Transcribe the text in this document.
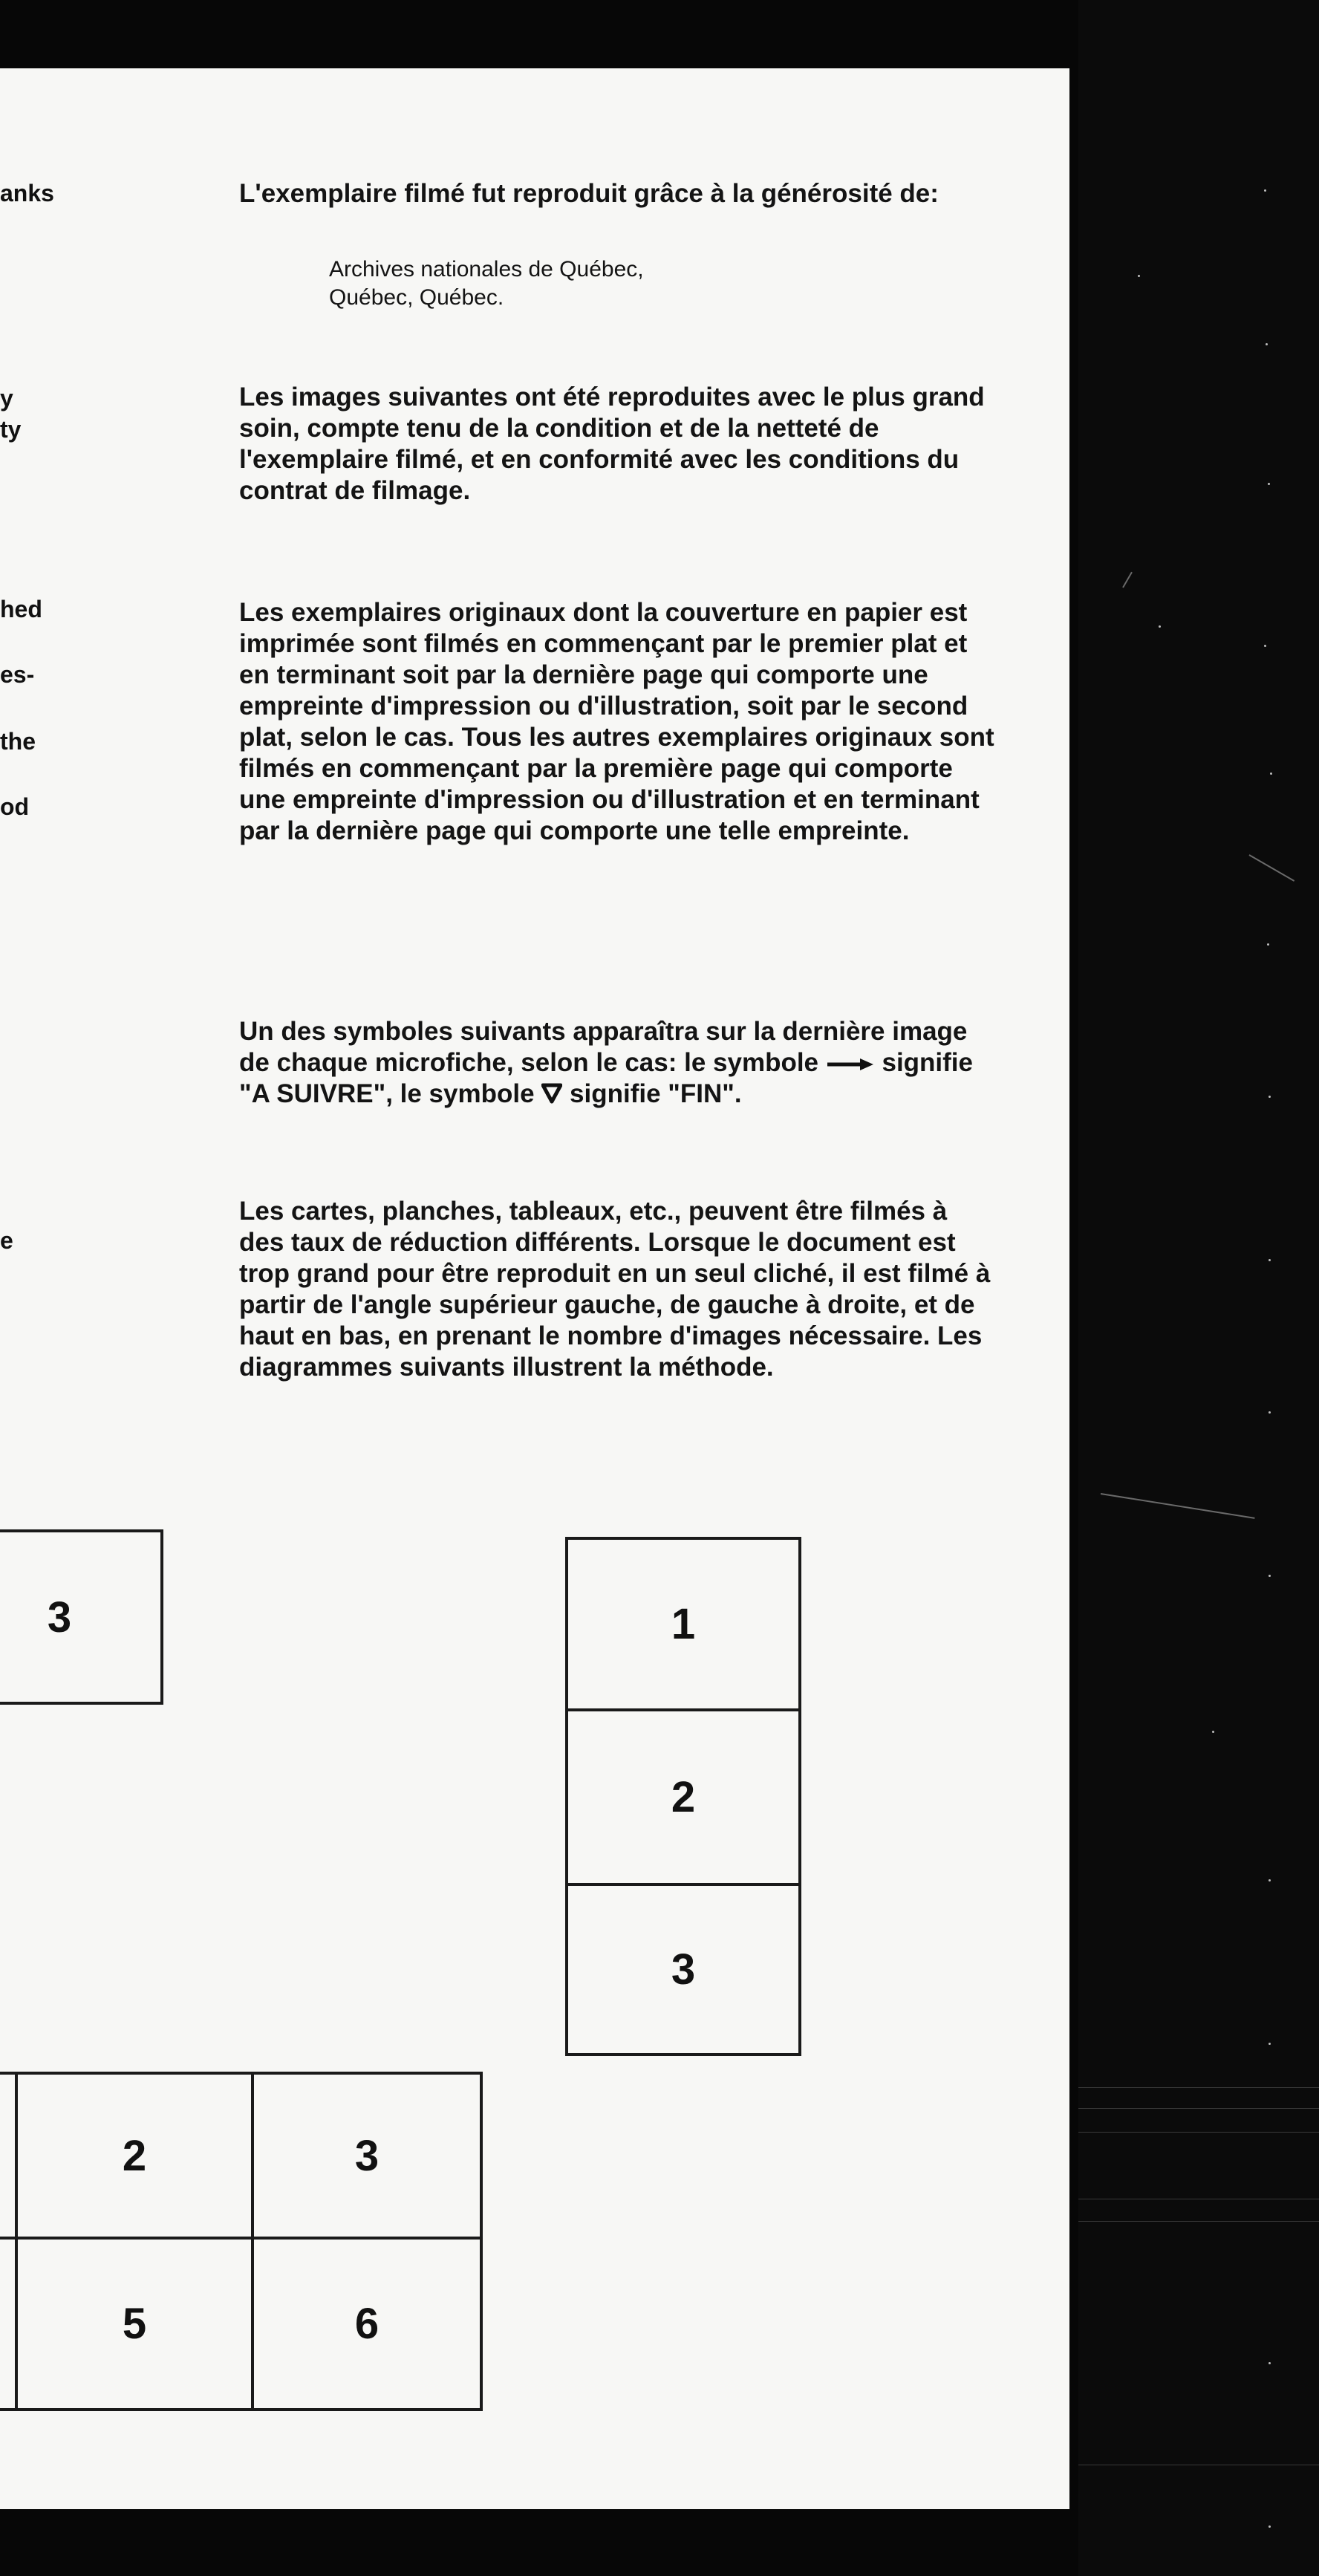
anks
y
ty
hed
es-
the
od
e

L'exemplaire filmé fut reproduit grâce à la générosité de:

Archives nationales de Québec,

Québec, Québec.

Les images suivantes ont été reproduites avec le plus grand soin, compte tenu de la condition et de la netteté de l'exemplaire filmé, et en conformité avec les conditions du contrat de filmage.

Les exemplaires originaux dont la couverture en papier est imprimée sont filmés en commençant par le premier plat et en terminant soit par la dernière page qui comporte une empreinte d'impression ou d'illustration, soit par le second plat, selon le cas. Tous les autres exemplaires originaux sont filmés en commençant par la première page qui comporte une empreinte d'impression ou d'illustration et en terminant par la dernière page qui comporte une telle empreinte.

Un des symboles suivants apparaîtra sur la dernière image de chaque microfiche, selon le cas: le symbole signifie "A SUIVRE", le symbole signifie "FIN".

Les cartes, planches, tableaux, etc., peuvent être filmés à des taux de réduction différents. Lorsque le document est trop grand pour être reproduit en un seul cliché, il est filmé à partir de l'angle supérieur gauche, de gauche à droite, et de haut en bas, en prenant le nombre d'images nécessaire. Les diagrammes suivants illustrent la méthode.

3	1
2
3
2	3
5	6
